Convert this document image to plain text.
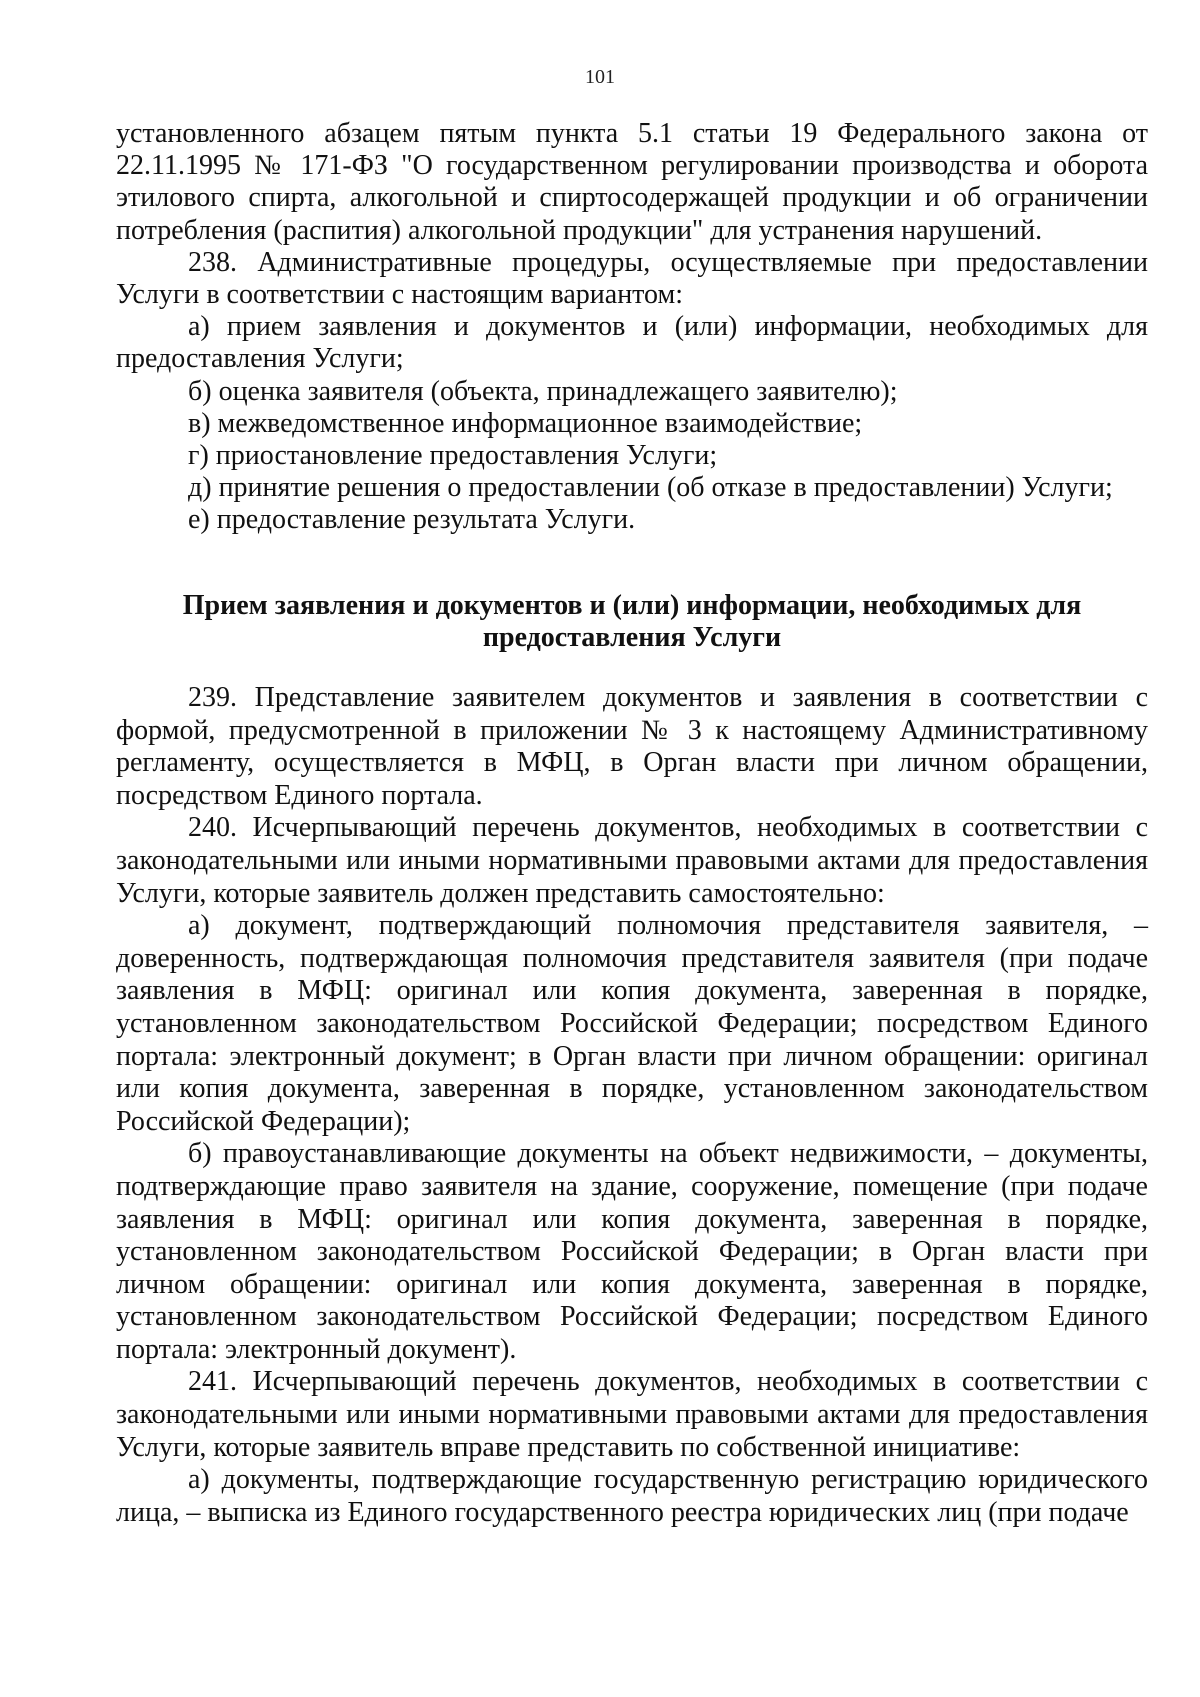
101

установленного абзацем пятым пункта 5.1 статьи 19 Федерального закона от 22.11.1995 № 171-ФЗ "О государственном регулировании производства и оборота этилового спирта, алкогольной и спиртосодержащей продукции и об ограничении потребления (распития) алкогольной продукции" для устранения нарушений.

238. Административные процедуры, осуществляемые при предоставлении Услуги в соответствии с настоящим вариантом:

а) прием заявления и документов и (или) информации, необходимых для предоставления Услуги;

б) оценка заявителя (объекта, принадлежащего заявителю);

в) межведомственное информационное взаимодействие;

г) приостановление предоставления Услуги;

д) принятие решения о предоставлении (об отказе в предоставлении) Услуги;

е) предоставление результата Услуги.

Прием заявления и документов и (или) информации, необходимых для
предоставления Услуги

239. Представление заявителем документов и заявления в соответствии с формой, предусмотренной в приложении № 3 к настоящему Административному регламенту, осуществляется в МФЦ, в Орган власти при личном обращении, посредством Единого портала.

240. Исчерпывающий перечень документов, необходимых в соответствии с законодательными или иными нормативными правовыми актами для предоставления Услуги, которые заявитель должен представить самостоятельно:

а) документ, подтверждающий полномочия представителя заявителя, – доверенность, подтверждающая полномочия представителя заявителя (при подаче заявления в МФЦ: оригинал или копия документа, заверенная в порядке, установленном законодательством Российской Федерации; посредством Единого портала: электронный документ; в Орган власти при личном обращении: оригинал или копия документа, заверенная в порядке, установленном законодательством Российской Федерации);

б) правоустанавливающие документы на объект недвижимости, – документы, подтверждающие право заявителя на здание, сооружение, помещение (при подаче заявления в МФЦ: оригинал или копия документа, заверенная в порядке, установленном законодательством Российской Федерации; в Орган власти при личном обращении: оригинал или копия документа, заверенная в порядке, установленном законодательством Российской Федерации; посредством Единого портала: электронный документ).

241. Исчерпывающий перечень документов, необходимых в соответствии с законодательными или иными нормативными правовыми актами для предоставления Услуги, которые заявитель вправе представить по собственной инициативе:

а) документы, подтверждающие государственную регистрацию юридического лица, – выписка из Единого государственного реестра юридических лиц (при подаче
